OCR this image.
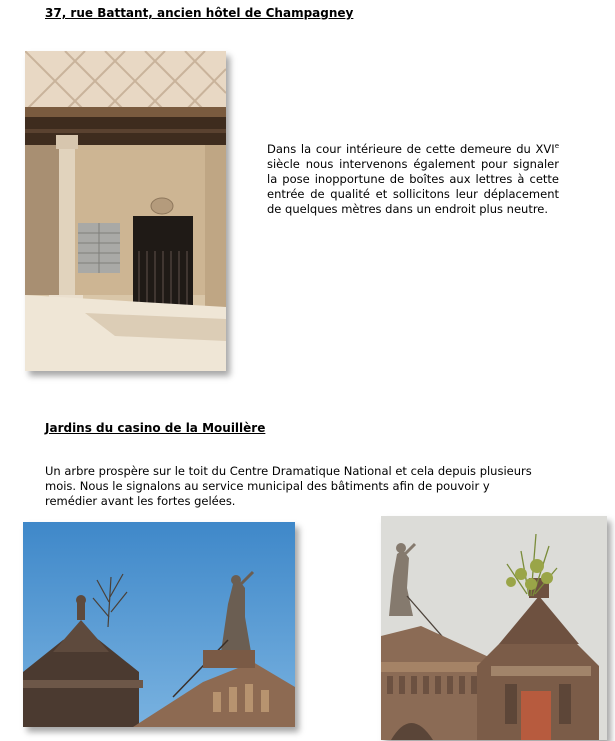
37, rue Battant, ancien hôtel de Champagney

Dans la cour intérieure de cette demeure du XVIe siècle nous intervenons également pour signaler la pose inopportune de boîtes aux lettres à cette entrée de qualité et sollicitons leur déplacement de quelques mètres dans un endroit plus neutre.

Jardins du casino de la Mouillère

Un arbre prospère sur le toit du Centre Dramatique National et cela depuis plusieurs mois. Nous le signalons au service municipal des bâtiments afin de pouvoir y remédier avant les fortes gelées.
